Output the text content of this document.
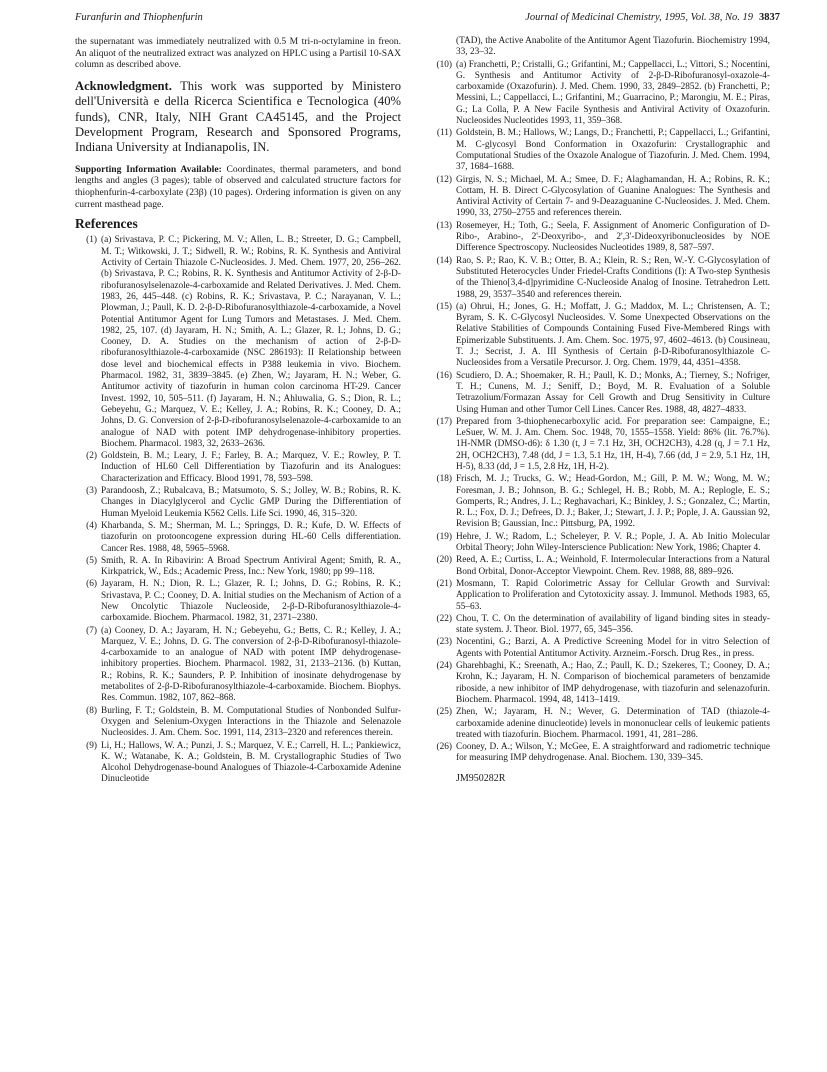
Furanfurin and Thiophenfurin	Journal of Medicinal Chemistry, 1995, Vol. 38, No. 19 3837

the supernatant was immediately neutralized with 0.5 M tri-n-octylamine in freon. An aliquot of the neutralized extract was analyzed on HPLC using a Partisil 10-SAX column as described above.

Acknowledgment. This work was supported by Ministero dell'Università e della Ricerca Scientifica e Tecnologica (40% funds), CNR, Italy, NIH Grant CA45145, and the Project Development Program, Research and Sponsored Programs, Indiana University at Indianapolis, IN.

Supporting Information Available: Coordinates, thermal parameters, and bond lengths and angles (3 pages); table of observed and calculated structure factors for thiophenfurin-4-carboxylate (23β) (10 pages). Ordering information is given on any current masthead page.

References
(1) (a) Srivastava, P. C.; Pickering, M. V.; Allen, L. B.; Streeter, D. G.; Campbell, M. T.; Witkowski, J. T.; Sidwell, R. W.; Robins, R. K. Synthesis and Antiviral Activity of Certain Thiazole C-Nucleosides. J. Med. Chem. 1977, 20, 256–262. (b) Srivastava, P. C.; Robins, R. K. Synthesis and Antitumor Activity of 2-β-D-ribofuranosylselenazole-4-carboxamide and Related Derivatives. J. Med. Chem. 1983, 26, 445–448. (c) Robins, R. K.; Srivastava, P. C.; Narayanan, V. L.; Plowman, J.; Paull, K. D. 2-β-D-Ribofuranosylthiazole-4-carboxamide, a Novel Potential Antitumor Agent for Lung Tumors and Metastases. J. Med. Chem. 1982, 25, 107. (d) Jayaram, H. N.; Smith, A. L.; Glazer, R. I.; Johns, D. G.; Cooney, D. A. Studies on the mechanism of action of 2-β-D-ribofuranosylthiazole-4-carboxamide (NSC 286193): II Relationship between dose level and biochemical effects in P388 leukemia in vivo. Biochem. Pharmacol. 1982, 31, 3839–3845. (e) Zhen, W.; Jayaram, H. N.; Weber, G. Antitumor activity of tiazofurin in human colon carcinoma HT-29. Cancer Invest. 1992, 10, 505–511. (f) Jayaram, H. N.; Ahluwalia, G. S.; Dion, R. L.; Gebeyehu, G.; Marquez, V. E.; Kelley, J. A.; Robins, R. K.; Cooney, D. A.; Johns, D. G. Conversion of 2-β-D-ribofuranosylselenazole-4-carboxamide to an analogue of NAD with potent IMP dehydrogenase-inhibitory properties. Biochem. Pharmacol. 1983, 32, 2633–2636.
(2) Goldstein, B. M.; Leary, J. F.; Farley, B. A.; Marquez, V. E.; Rowley, P. T. Induction of HL60 Cell Differentiation by Tiazofurin and its Analogues: Characterization and Efficacy. Blood 1991, 78, 593–598.
(3) Parandoosh, Z.; Rubalcava, B.; Matsumoto, S. S.; Jolley, W. B.; Robins, R. K. Changes in Diacylglycerol and Cyclic GMP During the Differentiation of Human Myeloid Leukemia K562 Cells. Life Sci. 1990, 46, 315–320.
(4) Kharbanda, S. M.; Sherman, M. L.; Springgs, D. R.; Kufe, D. W. Effects of tiazofurin on protooncogene expression during HL-60 Cells differentiation. Cancer Res. 1988, 48, 5965–5968.
(5) Smith, R. A. In Ribavirin: A Broad Spectrum Antiviral Agent; Smith, R. A., Kirkpatrick, W., Eds.; Academic Press, Inc.: New York, 1980; pp 99–118.
(6) Jayaram, H. N.; Dion, R. L.; Glazer, R. I.; Johns, D. G.; Robins, R. K.; Srivastava, P. C.; Cooney, D. A. Initial studies on the Mechanism of Action of a New Oncolytic Thiazole Nucleoside, 2-β-D-Ribofuranosylthiazole-4-carboxamide. Biochem. Pharmacol. 1982, 31, 2371–2380.
(7) (a) Cooney, D. A.; Jayaram, H. N.; Gebeyehu, G.; Betts, C. R.; Kelley, J. A.; Marquez, V. E.; Johns, D. G. The conversion of 2-β-D-Ribofuranosyl-thiazole-4-carboxamide to an analogue of NAD with potent IMP dehydrogenase-inhibitory properties. Biochem. Pharmacol. 1982, 31, 2133–2136. (b) Kuttan, R.; Robins, R. K.; Saunders, P. P. Inhibition of inosinate dehydrogenase by metabolites of 2-β-D-Ribofuranosylthiazole-4-carboxamide. Biochem. Biophys. Res. Commun. 1982, 107, 862–868.
(8) Burling, F. T.; Goldstein, B. M. Computational Studies of Nonbonded Sulfur-Oxygen and Selenium-Oxygen Interactions in the Thiazole and Selenazole Nucleosides. J. Am. Chem. Soc. 1991, 114, 2313–2320 and references therein.
(9) Li, H.; Hallows, W. A.; Punzi, J. S.; Marquez, V. E.; Carrell, H. L.; Pankiewicz, K. W.; Watanabe, K. A.; Goldstein, B. M. Crystallographic Studies of Two Alcohol Dehydrogenase-bound Analogues of Thiazole-4-Carboxamide Adenine Dinucleotide
(TAD), the Active Anabolite of the Antitumor Agent Tiazofurin. Biochemistry 1994, 33, 23–32.
(10) (a) Franchetti, P.; Cristalli, G.; Grifantini, M.; Cappellacci, L.; Vittori, S.; Nocentini, G. Synthesis and Antitumor Activity of 2-β-D-Ribofuranosyl-oxazole-4-carboxamide (Oxazofurin). J. Med. Chem. 1990, 33, 2849–2852. (b) Franchetti, P.; Messini, L.; Cappellacci, L.; Grifantini, M.; Guarracino, P.; Marongiu, M. E.; Piras, G.; La Colla, P. A New Facile Synthesis and Antiviral Activity of Oxazofurin. Nucleosides Nucleotides 1993, 11, 359–368.
(11) Goldstein, B. M.; Hallows, W.; Langs, D.; Franchetti, P.; Cappellacci, L.; Grifantini, M. C-glycosyl Bond Conformation in Oxazofurin: Crystallographic and Computational Studies of the Oxazole Analogue of Tiazofurin. J. Med. Chem. 1994, 37, 1684–1688.
(12) Girgis, N. S.; Michael, M. A.; Smee, D. F.; Alaghamandan, H. A.; Robins, R. K.; Cottam, H. B. Direct C-Glycosylation of Guanine Analogues: The Synthesis and Antiviral Activity of Certain 7- and 9-Deazaguanine C-Nucleosides. J. Med. Chem. 1990, 33, 2750–2755 and references therein.
(13) Rosemeyer, H.; Toth, G.; Seela, F. Assignment of Anomeric Configuration of D-Ribo-, Arabino-, 2'-Deoxyribo-, and 2',3'-Dideoxyribonucleosides by NOE Difference Spectroscopy. Nucleosides Nucleotides 1989, 8, 587–597.
(14) Rao, S. P.; Rao, K. V. B.; Otter, B. A.; Klein, R. S.; Ren, W.-Y. C-Glycosylation of Substituted Heterocycles Under Friedel-Crafts Conditions (I): A Two-step Synthesis of the Thieno[3,4-d]pyrimidine C-Nucleoside Analog of Inosine. Tetrahedron Lett. 1988, 29, 3537–3540 and references therein.
(15) (a) Ohrui, H.; Jones, G. H.; Moffatt, J. G.; Maddox, M. L.; Christensen, A. T.; Byram, S. K. C-Glycosyl Nucleosides. V. Some Unexpected Observations on the Relative Stabilities of Compounds Containing Fused Five-Membered Rings with Epimerizable Substituents. J. Am. Chem. Soc. 1975, 97, 4602–4613. (b) Cousineau, T. J.; Secrist, J. A. III Synthesis of Certain β-D-Ribofuranosylthiazole C-Nucleosides from a Versatile Precursor. J. Org. Chem. 1979, 44, 4351–4358.
(16) Scudiero, D. A.; Shoemaker, R. H.; Paull, K. D.; Monks, A.; Tierney, S.; Nofriger, T. H.; Cunens, M. J.; Seniff, D.; Boyd, M. R. Evaluation of a Soluble Tetrazolium/Formazan Assay for Cell Growth and Drug Sensitivity in Culture Using Human and other Tumor Cell Lines. Cancer Res. 1988, 48, 4827–4833.
(17) Prepared from 3-thiophenecarboxylic acid. For preparation see: Campaigne, E.; LeSuer, W. M. J. Am. Chem. Soc. 1948, 70, 1555–1558. Yield: 86% (lit. 76.7%). 1H-NMR (DMSO-d6): δ 1.30 (t, J = 7.1 Hz, 3H, OCH2CH3), 4.28 (q, J = 7.1 Hz, 2H, OCH2CH3), 7.48 (dd, J = 1.3, 5.1 Hz, 1H, H-4), 7.66 (dd, J = 2.9, 5.1 Hz, 1H, H-5), 8.33 (dd, J = 1.5, 2.8 Hz, 1H, H-2).
(18) Frisch, M. J.; Trucks, G. W.; Head-Gordon, M.; Gill, P. M. W.; Wong, M. W.; Foresman, J. B.; Johnson, B. G.; Schlegel, H. B.; Robb, M. A.; Replogle, E. S.; Gomperts, R.; Andres, J. L.; Reghavachari, K.; Binkley, J. S.; Gonzalez, C.; Martin, R. L.; Fox, D. J.; Defrees, D. J.; Baker, J.; Stewart, J. J. P.; Pople, J. A. Gaussian 92, Revision B; Gaussian, Inc.: Pittsburg, PA, 1992.
(19) Hehre, J. W.; Radom, L.; Scheleyer, P. V. R.; Pople, J. A. Ab Initio Molecular Orbital Theory; John Wiley-Interscience Publication: New York, 1986; Chapter 4.
(20) Reed, A. E.; Curtiss, L. A.; Weinhold, F. Intermolecular Interactions from a Natural Bond Orbital, Donor-Acceptor Viewpoint. Chem. Rev. 1988, 88, 889–926.
(21) Mosmann, T. Rapid Colorimetric Assay for Cellular Growth and Survival: Application to Proliferation and Cytotoxicity assay. J. Immunol. Methods 1983, 65, 55–63.
(22) Chou, T. C. On the determination of availability of ligand binding sites in steady-state system. J. Theor. Biol. 1977, 65, 345–356.
(23) Nocentini, G.; Barzi, A. A Predictive Screening Model for in vitro Selection of Agents with Potential Antitumor Activity. Arzneim.-Forsch. Drug Res., in press.
(24) Gharehbaghi, K.; Sreenath, A.; Hao, Z.; Paull, K. D.; Szekeres, T.; Cooney, D. A.; Krohn, K.; Jayaram, H. N. Comparison of biochemical parameters of benzamide riboside, a new inhibitor of IMP dehydrogenase, with tiazofurin and selenazofurin. Biochem. Pharmacol. 1994, 48, 1413–1419.
(25) Zhen, W.; Jayaram, H. N.; Wever, G. Determination of TAD (thiazole-4-carboxamide adenine dinucleotide) levels in mononuclear cells of leukemic patients treated with tiazofurin. Biochem. Pharmacol. 1991, 41, 281–286.
(26) Cooney, D. A.; Wilson, Y.; McGee, E. A straightforward and radiometric technique for measuring IMP dehydrogenase. Anal. Biochem. 130, 339–345.
JM950282R
